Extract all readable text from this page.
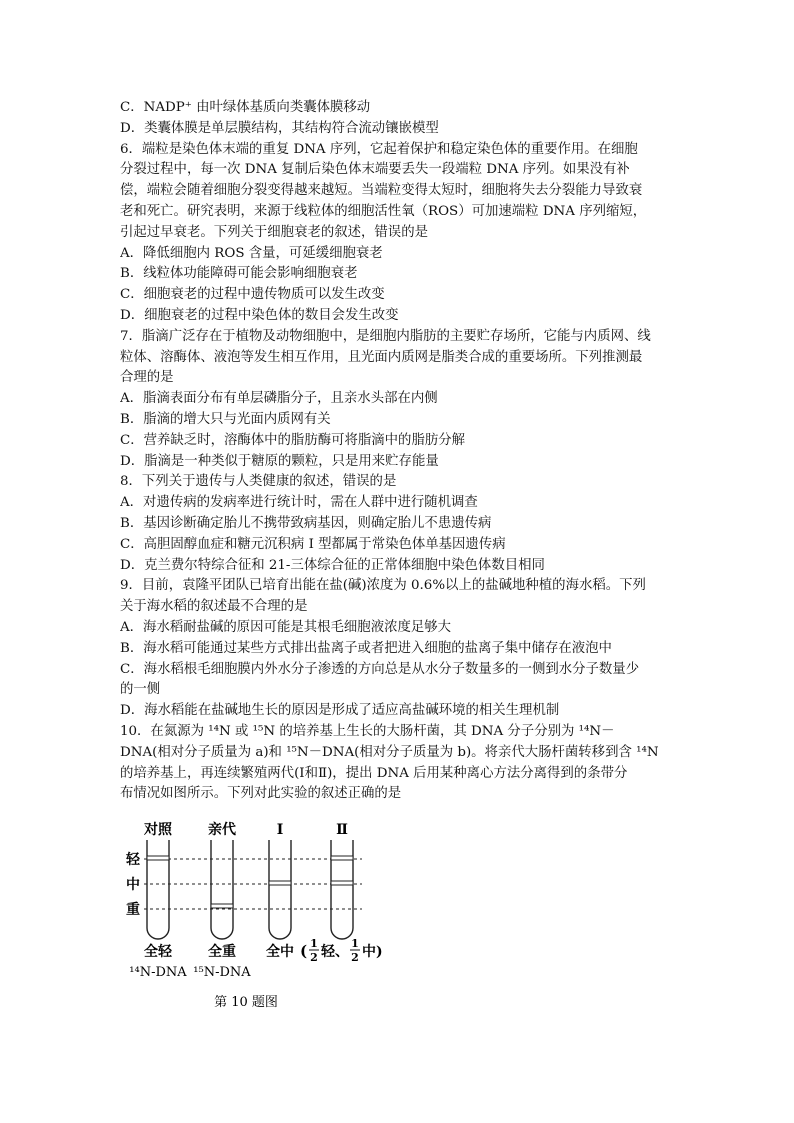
C．NADP⁺ 由叶绿体基质向类囊体膜移动
D．类囊体膜是单层膜结构，其结构符合流动镶嵌模型
6．端粒是染色体末端的重复 DNA 序列，它起着保护和稳定染色体的重要作用。在细胞
分裂过程中，每一次 DNA 复制后染色体末端要丢失一段端粒 DNA 序列。如果没有补
偿，端粒会随着细胞分裂变得越来越短。当端粒变得太短时，细胞将失去分裂能力导致衰
老和死亡。研究表明，来源于线粒体的细胞活性氧（ROS）可加速端粒 DNA 序列缩短，
引起过早衰老。下列关于细胞衰老的叙述，错误的是
A．降低细胞内 ROS 含量，可延缓细胞衰老
B．线粒体功能障碍可能会影响细胞衰老
C．细胞衰老的过程中遗传物质可以发生改变
D．细胞衰老的过程中染色体的数目会发生改变
7．脂滴广泛存在于植物及动物细胞中，是细胞内脂肪的主要贮存场所，它能与内质网、线
粒体、溶酶体、液泡等发生相互作用，且光面内质网是脂类合成的重要场所。下列推测最
合理的是
A．脂滴表面分布有单层磷脂分子，且亲水头部在内侧
B．脂滴的增大只与光面内质网有关
C．营养缺乏时，溶酶体中的脂肪酶可将脂滴中的脂肪分解
D．脂滴是一种类似于糖原的颗粒，只是用来贮存能量
8．下列关于遗传与人类健康的叙述，错误的是
A．对遗传病的发病率进行统计时，需在人群中进行随机调查
B．基因诊断确定胎儿不携带致病基因，则确定胎儿不患遗传病
C．高胆固醇血症和糖元沉积病 I 型都属于常染色体单基因遗传病
D．克兰费尔特综合征和 21-三体综合征的正常体细胞中染色体数目相同
9．目前，袁隆平团队已培育出能在盐(碱)浓度为 0.6%以上的盐碱地种植的海水稻。下列
关于海水稻的叙述最不合理的是
A．海水稻耐盐碱的原因可能是其根毛细胞液浓度足够大
B．海水稻可能通过某些方式排出盐离子或者把进入细胞的盐离子集中储存在液泡中
C．海水稻根毛细胞膜内外水分子渗透的方向总是从水分子数量多的一侧到水分子数量少
的一侧
D．海水稻能在盐碱地生长的原因是形成了适应高盐碱环境的相关生理机制
10．在氮源为 ¹⁴N 或 ¹⁵N 的培养基上生长的大肠杆菌，其 DNA 分子分别为 ¹⁴N－
DNA(相对分子质量为 a)和 ¹⁵N－DNA(相对分子质量为 b)。将亲代大肠杆菌转移到含 ¹⁴N
的培养基上，再连续繁殖两代(Ⅰ和Ⅱ)，提出 DNA 后用某种离心方法分离得到的条带分
布情况如图所示。下列对此实验的叙述正确的是
轻
中
重
对照	亲代	Ⅰ	Ⅱ
全轻	全重 全中 ( 1
2 轻、
1
2 中)
¹⁴N-DNA ¹⁵N-DNA
第 10 题图
